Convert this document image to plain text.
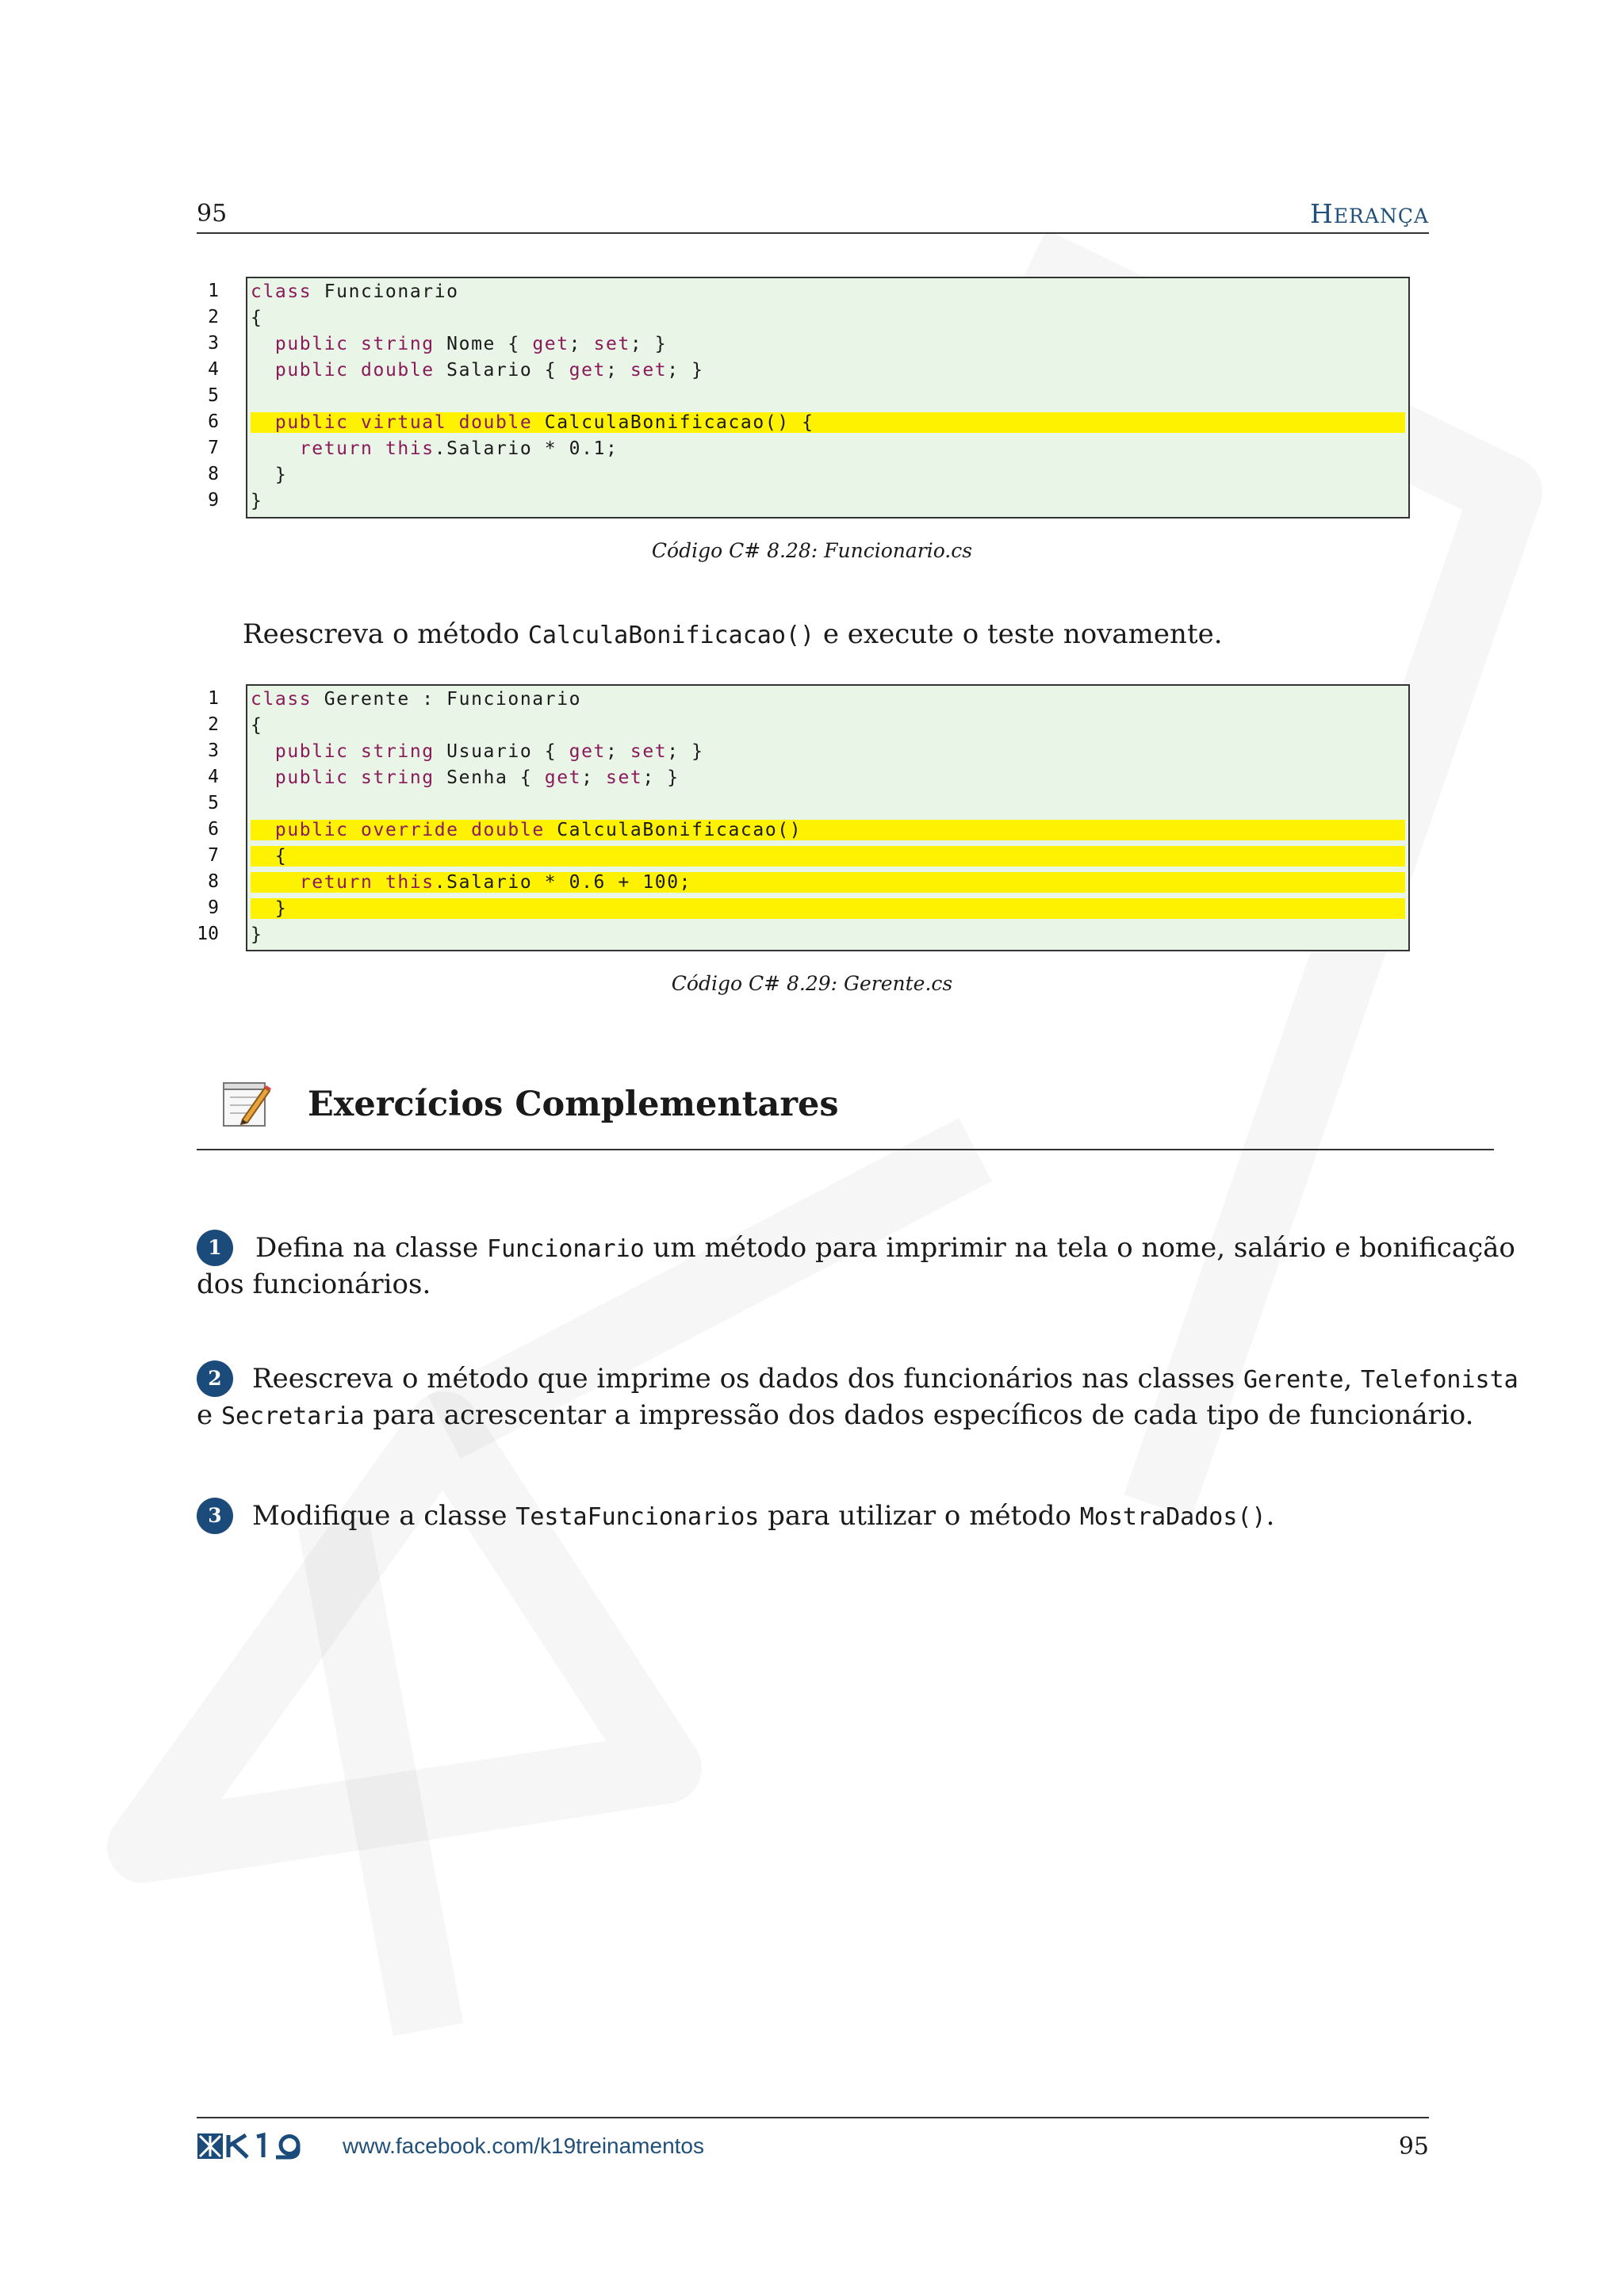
95	HERANÇA
1
2
3
4
5
6
7
8
9
class Funcionario
{
public string Nome { get; set; }
public double Salario { get; set; }
public virtual double CalculaBonificacao() {
return this.Salario * 0.1;
}
}
Código C# 8.28: Funcionario.cs
Reescreva o método CalculaBonificacao() e execute o teste novamente.
1
2
3
4
5
6
7
8
9
10
class Gerente : Funcionario
{
public string Usuario { get; set; }
public string Senha { get; set; }
public override double CalculaBonificacao()
{
return this.Salario * 0.6 + 100;
}
}
Código C# 8.29: Gerente.cs
Exercícios Complementares
1	Defina na classe Funcionario um método para imprimir na tela o nome, salário e bonificação
dos funcionários.
2	Reescreva o método que imprime os dados dos funcionários nas classes Gerente, Telefonista
e Secretaria para acrescentar a impressão dos dados específicos de cada tipo de funcionário.
3	Modifique a classe TestaFuncionarios para utilizar o método MostraDados().
www.facebook.com/k19treinamentos	95
